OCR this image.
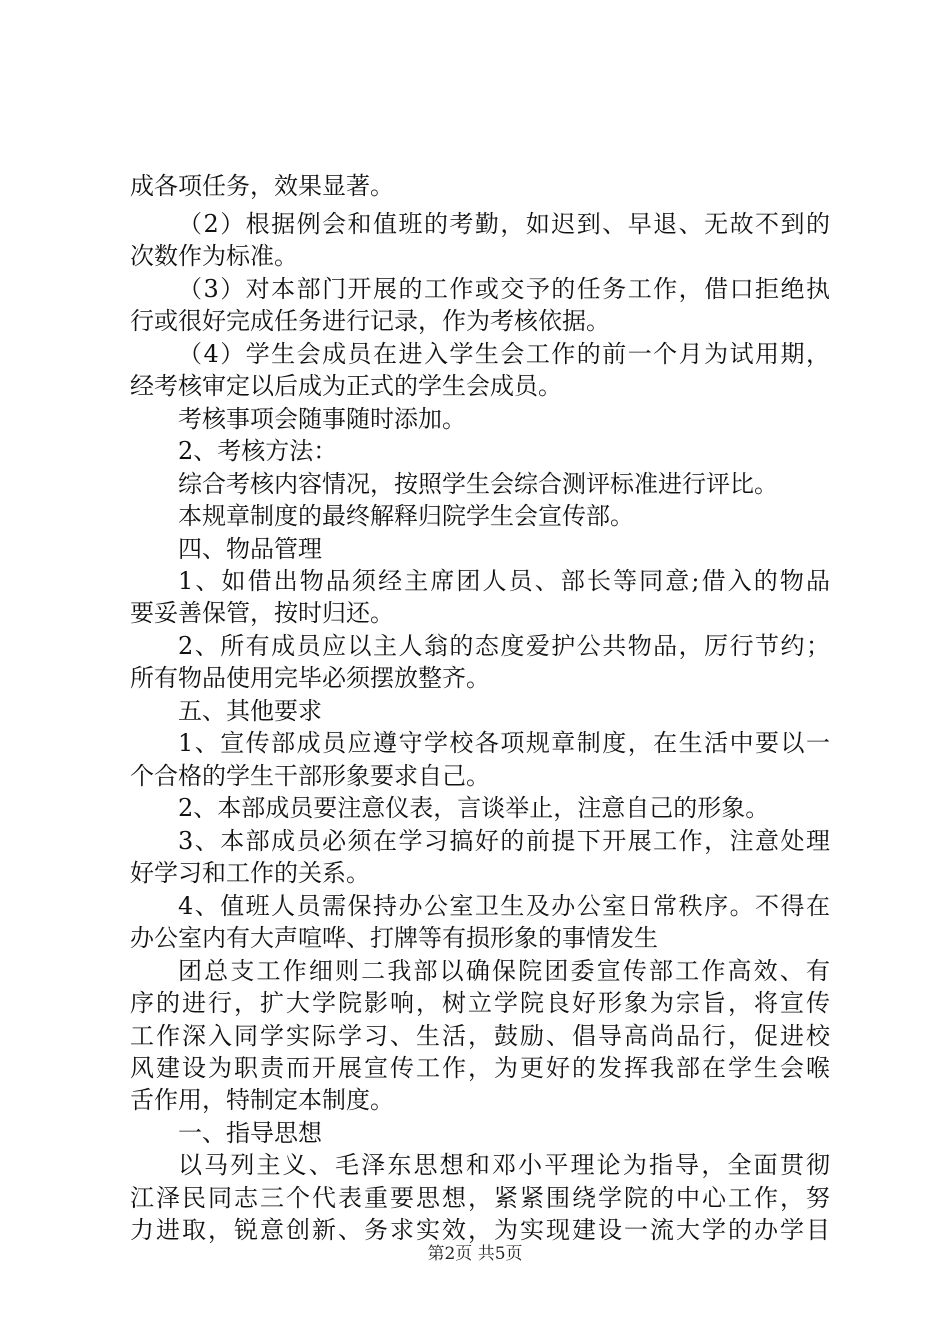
成各项任务，效果显著。
（2）根据例会和值班的考勤，如迟到、早退、无故不到的
次数作为标准。
（3）对本部门开展的工作或交予的任务工作，借口拒绝执
行或很好完成任务进行记录，作为考核依据。
（4）学生会成员在进入学生会工作的前一个月为试用期，
经考核审定以后成为正式的学生会成员。
考核事项会随事随时添加。
2、考核方法：
综合考核内容情况，按照学生会综合测评标准进行评比。
本规章制度的最终解释归院学生会宣传部。
四、物品管理
1、如借出物品须经主席团人员、部长等同意;借入的物品
要妥善保管，按时归还。
2、所有成员应以主人翁的态度爱护公共物品，厉行节约；
所有物品使用完毕必须摆放整齐。
五、其他要求
1、宣传部成员应遵守学校各项规章制度，在生活中要以一
个合格的学生干部形象要求自己。
2、本部成员要注意仪表，言谈举止，注意自己的形象。
3、本部成员必须在学习搞好的前提下开展工作，注意处理
好学习和工作的关系。
4、值班人员需保持办公室卫生及办公室日常秩序。不得在
办公室内有大声喧哗、打牌等有损形象的事情发生
团总支工作细则二我部以确保院团委宣传部工作高效、有
序的进行，扩大学院影响，树立学院良好形象为宗旨，将宣传
工作深入同学实际学习、生活，鼓励、倡导高尚品行，促进校
风建设为职责而开展宣传工作，为更好的发挥我部在学生会喉
舌作用，特制定本制度。
一、指导思想
以马列主义、毛泽东思想和邓小平理论为指导，全面贯彻
江泽民同志三个代表重要思想，紧紧围绕学院的中心工作，努
力进取，锐意创新、务求实效，为实现建设一流大学的办学目
第2页 共5页
